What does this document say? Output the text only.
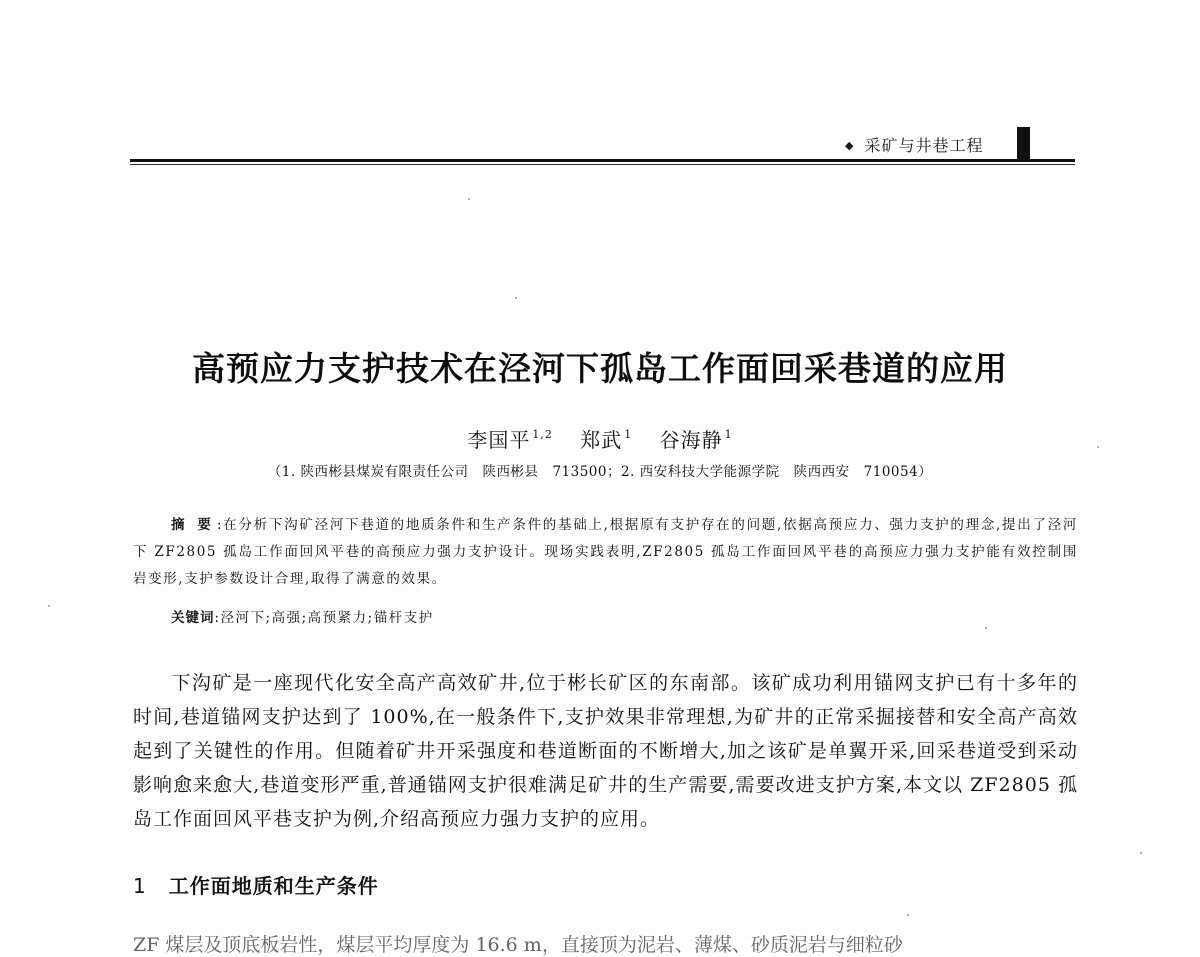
◆ 采矿与井巷工程
高预应力支护技术在泾河下孤岛工作面回采巷道的应用
李国平 $^{1,2}$ 郑武 $^1$ 谷海静 $^1$
（1. 陕西彬县煤炭有限责任公司　陕西彬县　713500；2. 西安科技大学能源学院　陕西西安　710054）
摘 要 :在分析下沟矿泾河下巷道的地质条件和生产条件的基础上,根据原有支护存在的问题,依据高预应力、强力支护的理念,提出了泾河下 ZF2805 孤岛工作面回风平巷的高预应力强力支护设计。现场实践表明,ZF2805 孤岛工作面回风平巷的高预应力强力支护能有效控制围岩变形,支护参数设计合理,取得了满意的效果。
关键词:泾河下;高强;高预紧力;锚杆支护
下沟矿是一座现代化安全高产高效矿井,位于彬长矿区的东南部。该矿成功利用锚网支护已有十多年的时间,巷道锚网支护达到了 100%,在一般条件下,支护效果非常理想,为矿井的正常采掘接替和安全高产高效起到了关键性的作用。但随着矿井开采强度和巷道断面的不断增大,加之该矿是单翼开采,回采巷道受到采动影响愈来愈大,巷道变形严重,普通锚网支护很难满足矿井的生产需要,需要改进支护方案,本文以 ZF2805 孤岛工作面回风平巷支护为例,介绍高预应力强力支护的应用。
1 工作面地质和生产条件
ZF 煤层及顶底板岩性，煤层平均厚度为 16.6 m，直接顶为泥岩、薄煤、砂质泥岩与细粒砂
